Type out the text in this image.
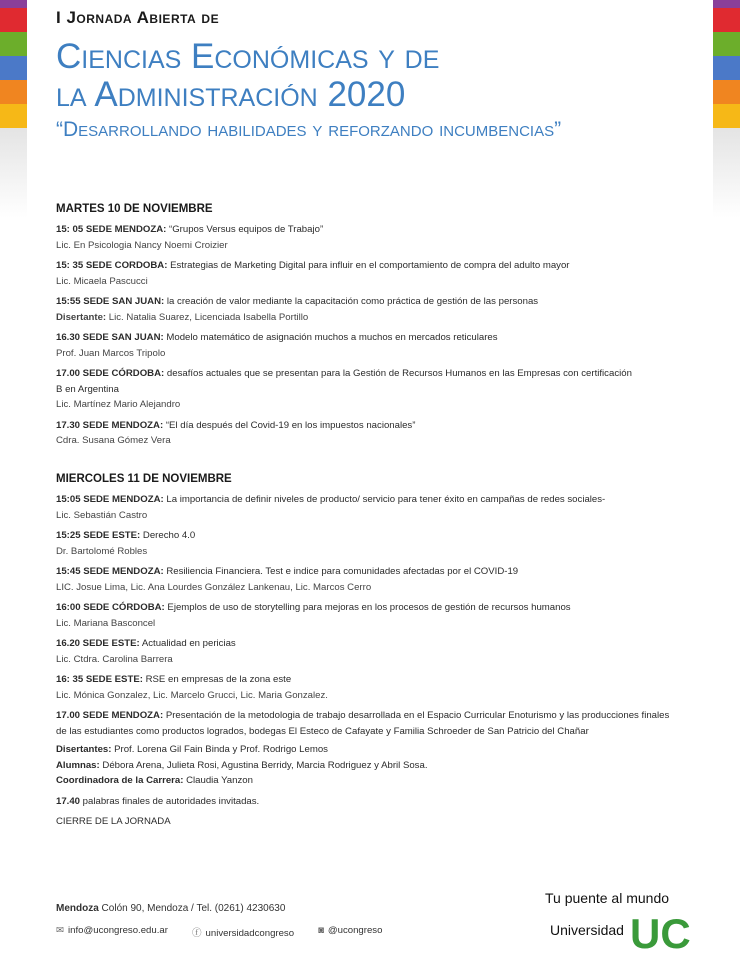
I Jornada Abierta de
Ciencias Económicas y de
la Administración 2020
“Desarrollando habilidades y reforzando incumbencias”
MARTES 10 DE NOVIEMBRE
15: 05 SEDE MENDOZA: “Grupos Versus equipos de Trabajo”
Lic. En Psicologia Nancy Noemi Croizier
15: 35 SEDE CORDOBA: Estrategias de Marketing Digital para influir en el comportamiento de compra del adulto mayor
Lic. Micaela Pascucci
15:55 SEDE SAN JUAN: la creación de valor mediante la capacitación como práctica de gestión de las personas
Disertante: Lic. Natalia Suarez, Licenciada Isabella Portillo
16.30 SEDE SAN JUAN: Modelo matemático de asignación muchos a muchos en mercados reticulares
Prof. Juan Marcos Tripolo
17.00 SEDE CÓRDOBA: desafíos actuales que se presentan para la Gestión de Recursos Humanos en las Empresas con certificación
B en Argentina
Lic. Martínez Mario Alejandro
17.30 SEDE MENDOZA: “El día después del Covid-19 en los impuestos nacionales”
Cdra. Susana Gómez Vera
MIERCOLES 11 DE NOVIEMBRE
15:05 SEDE MENDOZA: La importancia de definir niveles de producto/ servicio para tener éxito en campañas de redes sociales-
Lic. Sebastián Castro
15:25 SEDE ESTE: Derecho 4.0
Dr. Bartolomé Robles
15:45 SEDE MENDOZA: Resiliencia Financiera. Test e indice para comunidades afectadas por el COVID-19
LIC. Josue Lima, Lic. Ana Lourdes González Lankenau, Lic. Marcos Cerro
16:00 SEDE CÓRDOBA: Ejemplos de uso de storytelling para mejoras en los procesos de gestión de recursos humanos
Lic. Mariana Basconcel
16.20 SEDE ESTE: Actualidad en pericias
Lic. Ctdra. Carolina Barrera
16: 35 SEDE ESTE: RSE en empresas de la zona este
Lic. Mónica Gonzalez, Lic. Marcelo Grucci, Lic. Maria Gonzalez.
17.00 SEDE MENDOZA: Presentación de la metodologia de trabajo desarrollada en el Espacio Curricular Enoturismo y las producciones finales
de las estudiantes como productos logrados, bodegas El Esteco de Cafayate y Familia Schroeder de San Patricio del Chañar
Disertantes: Prof. Lorena Gil Fain Binda y Prof. Rodrigo Lemos
Alumnas: Débora Arena, Julieta Rosi, Agustina Berridy, Marcia Rodriguez y Abril Sosa.
Coordinadora de la Carrera: Claudia Yanzon
17.40 palabras finales de autoridades invitadas.
CIERRE DE LA JORNADA
Mendoza Colón 90, Mendoza / Tel. (0261) 4230630
✉ info@ucongreso.edu.ar	ⓕ universidadcongreso	◙ @ucongreso
Tu puente al mundo
Universidad UC
